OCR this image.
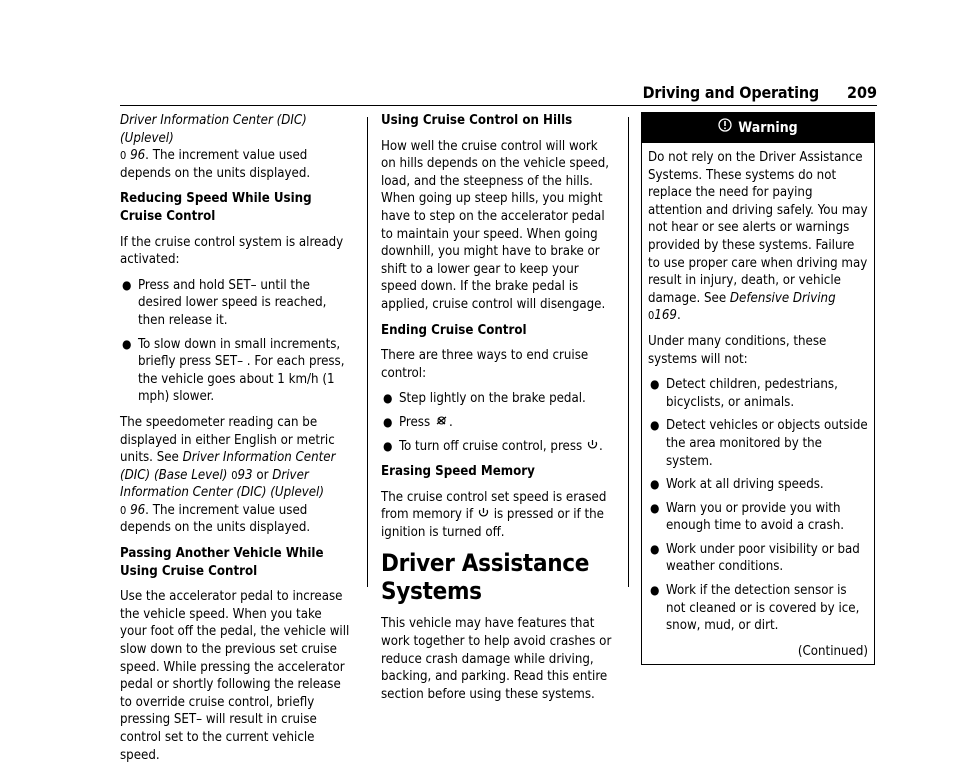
Driving and Operating 209

Driver Information Center (DIC) (Uplevel)
0 96. The increment value used depends on the units displayed.

Reducing Speed While Using Cruise Control

If the cruise control system is already activated:

● Press and hold SET– until the desired lower speed is reached, then release it.
● To slow down in small increments, briefly press SET– . For each press, the vehicle goes about 1 km/h (1 mph) slower.

The speedometer reading can be displayed in either English or metric units. See Driver Information Center (DIC) (Base Level) 093 or Driver Information Center (DIC) (Uplevel)
0 96. The increment value used depends on the units displayed.

Passing Another Vehicle While Using Cruise Control

Use the accelerator pedal to increase the vehicle speed. When you take your foot off the pedal, the vehicle will slow down to the previous set cruise speed. While pressing the accelerator pedal or shortly following the release to override cruise control, briefly pressing SET– will result in cruise control set to the current vehicle speed.

Using Cruise Control on Hills

How well the cruise control will work on hills depends on the vehicle speed, load, and the steepness of the hills. When going up steep hills, you might have to step on the accelerator pedal to maintain your speed. When going downhill, you might have to brake or shift to a lower gear to keep your speed down. If the brake pedal is applied, cruise control will disengage.

Ending Cruise Control

There are three ways to end cruise control:

● Step lightly on the brake pedal.
● Press .
● To turn off cruise control, press .

Erasing Speed Memory

The cruise control set speed is erased from memory if  is pressed or if the ignition is turned off.

Driver Assistance Systems

This vehicle may have features that work together to help avoid crashes or reduce crash damage while driving, backing, and parking. Read this entire section before using these systems.

Warning

Do not rely on the Driver Assistance Systems. These systems do not replace the need for paying attention and driving safely. You may not hear or see alerts or warnings provided by these systems. Failure to use proper care when driving may result in injury, death, or vehicle damage. See Defensive Driving 0169.

Under many conditions, these systems will not:

● Detect children, pedestrians, bicyclists, or animals.
● Detect vehicles or objects outside the area monitored by the system.
● Work at all driving speeds.
● Warn you or provide you with enough time to avoid a crash.
● Work under poor visibility or bad weather conditions.
● Work if the detection sensor is not cleaned or is covered by ice, snow, mud, or dirt.

(Continued)
